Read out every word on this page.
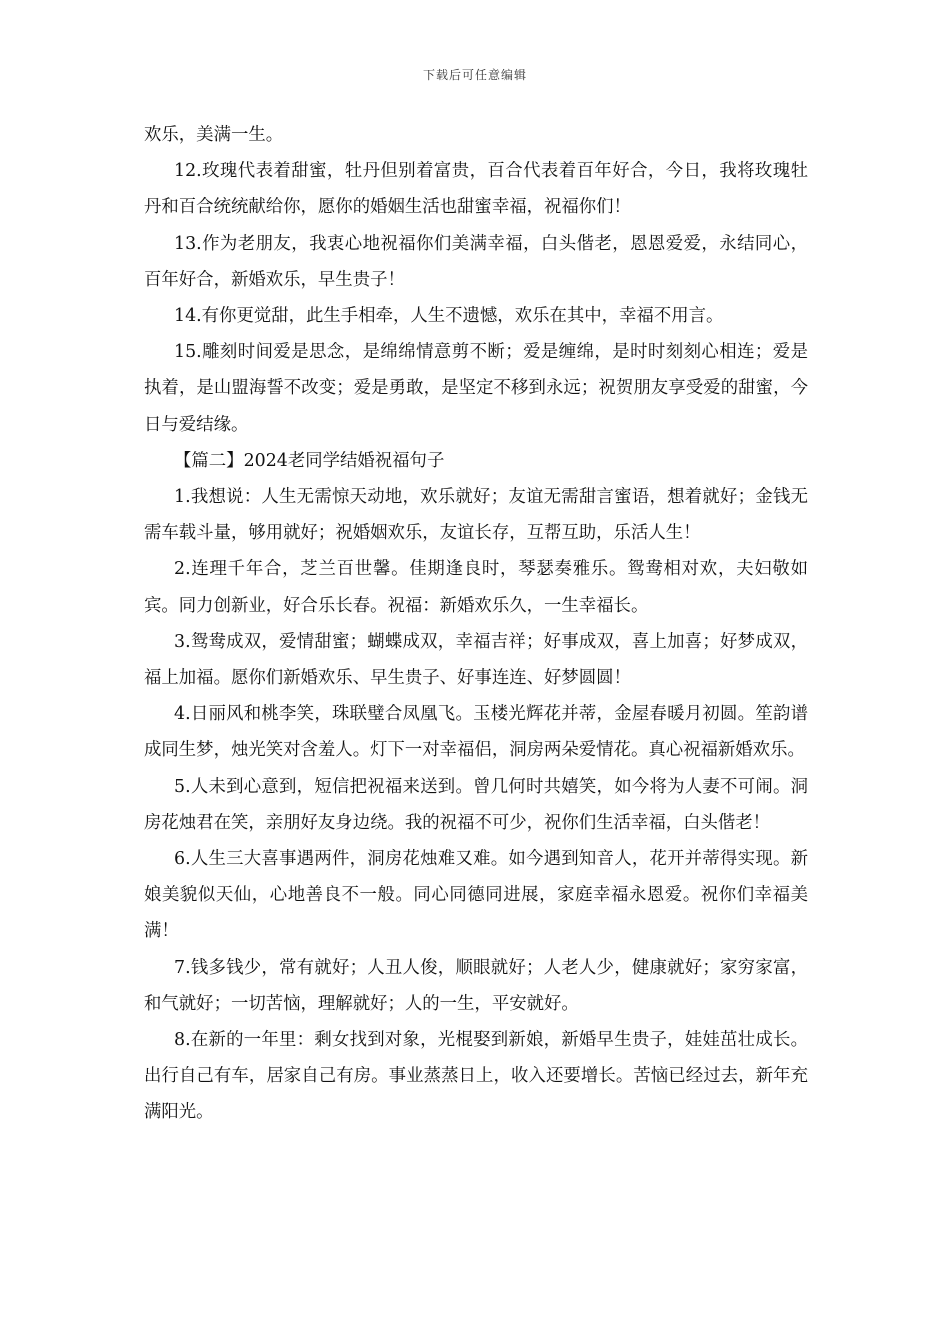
下载后可任意编辑

欢乐，美满一生。

12.玫瑰代表着甜蜜，牡丹但别着富贵，百合代表着百年好合，今日，我将玫瑰牡丹和百合统统献给你，愿你的婚姻生活也甜蜜幸福，祝福你们！

13.作为老朋友，我衷心地祝福你们美满幸福，白头偕老，恩恩爱爱，永结同心，百年好合，新婚欢乐，早生贵子！

14.有你更觉甜，此生手相牵，人生不遗憾，欢乐在其中，幸福不用言。

15.雕刻时间爱是思念，是绵绵情意剪不断；爱是缠绵，是时时刻刻心相连；爱是执着，是山盟海誓不改变；爱是勇敢，是坚定不移到永远；祝贺朋友享受爱的甜蜜，今日与爱结缘。

【篇二】2024老同学结婚祝福句子

1.我想说：人生无需惊天动地，欢乐就好；友谊无需甜言蜜语，想着就好；金钱无需车载斗量，够用就好；祝婚姻欢乐，友谊长存，互帮互助，乐活人生！

2.连理千年合，芝兰百世馨。佳期逢良时，琴瑟奏雅乐。鸳鸯相对欢，夫妇敬如宾。同力创新业，好合乐长春。祝福：新婚欢乐久，一生幸福长。

3.鸳鸯成双，爱情甜蜜；蝴蝶成双，幸福吉祥；好事成双，喜上加喜；好梦成双，福上加福。愿你们新婚欢乐、早生贵子、好事连连、好梦圆圆！

4.日丽风和桃李笑，珠联璧合凤凰飞。玉楼光辉花并蒂，金屋春暖月初圆。笙韵谱成同生梦，烛光笑对含羞人。灯下一对幸福侣，洞房两朵爱情花。真心祝福新婚欢乐。

5.人未到心意到，短信把祝福来送到。曾几何时共嬉笑，如今将为人妻不可闹。洞房花烛君在笑，亲朋好友身边绕。我的祝福不可少，祝你们生活幸福，白头偕老！

6.人生三大喜事遇两件，洞房花烛难又难。如今遇到知音人，花开并蒂得实现。新娘美貌似天仙，心地善良不一般。同心同德同进展，家庭幸福永恩爱。祝你们幸福美满！

7.钱多钱少，常有就好；人丑人俊，顺眼就好；人老人少，健康就好；家穷家富，和气就好；一切苦恼，理解就好；人的一生，平安就好。

8.在新的一年里：剩女找到对象，光棍娶到新娘，新婚早生贵子，娃娃茁壮成长。出行自己有车，居家自己有房。事业蒸蒸日上，收入还要增长。苦恼已经过去，新年充满阳光。
